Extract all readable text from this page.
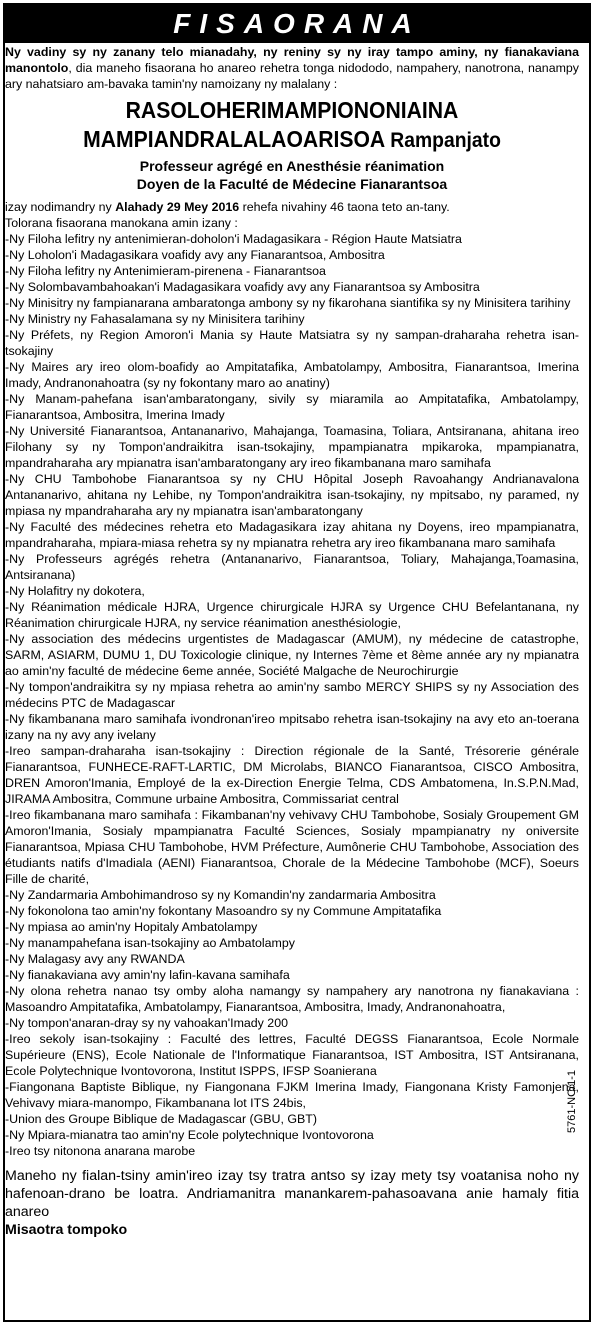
FISAORANA

Ny vadiny sy ny zanany telo mianadahy, ny reniny sy ny iray tampo aminy, ny fianakaviana manontolo, dia maneho fisaorana ho anareo rehetra tonga nidododo, nampahery, nanotrona, nanampy ary nahatsiaro am-bavaka tamin'ny namoizany ny malalany :

RASOLOHERIMAMPIONONIAINA
MAMPIANDRALALAOARISOA Rampanjato
Professeur agrégé en Anesthésie réanimation
Doyen de la Faculté de Médecine Fianarantsoa

izay nodimandry ny Alahady 29 Mey 2016 rehefa nivahiny 46 taona teto an-tany.

Tolorana fisaorana manokana amin izany :

-Ny Filoha lefitry ny antenimieran-doholon'i Madagasikara - Région Haute Matsiatra

-Ny Loholon'i Madagasikara voafidy avy any Fianarantsoa, Ambositra

-Ny Filoha lefitry ny Antenimieram-pirenena - Fianarantsoa

-Ny Solombavambahoakan'i Madagasikara voafidy avy any Fianarantsoa sy Ambositra

-Ny Minisitry ny fampianarana ambaratonga ambony sy ny fikarohana siantifika sy ny Minisitera tarihiny

-Ny Ministry ny Fahasalamana sy ny Minisitera tarihiny

-Ny Préfets, ny Region Amoron'i Mania sy Haute Matsiatra sy ny sampan-draharaha rehetra isan-tsokajiny

-Ny Maires ary ireo olom-boafidy ao Ampitatafika, Ambatolampy, Ambositra, Fianarantsoa, Imerina Imady, Andranonahoatra (sy ny fokontany maro ao anatiny)

-Ny Manam-pahefana isan'ambaratongany, sivily sy miaramila ao Ampitatafika, Ambatolampy, Fianarantsoa, Ambositra, Imerina Imady

-Ny Université Fianarantsoa, Antananarivo, Mahajanga, Toamasina, Toliara, Antsiranana, ahitana ireo Filohany sy ny Tompon'andraikitra isan-tsokajiny, mpampianatra mpikaroka, mpampianatra, mpandraharaha ary mpianatra isan'ambaratongany ary ireo fikambanana maro samihafa

-Ny CHU Tambohobe Fianarantsoa sy ny CHU Hôpital Joseph Ravoahangy Andrianavalona Antananarivo, ahitana ny Lehibe, ny Tompon'andraikitra isan-tsokajiny, ny mpitsabo, ny paramed, ny mpiasa ny mpandraharaha ary ny mpianatra isan'ambaratongany

-Ny Faculté des médecines rehetra eto Madagasikara izay ahitana ny Doyens, ireo mpampianatra, mpandraharaha, mpiara-miasa rehetra sy ny mpianatra rehetra ary ireo fikambanana maro samihafa

-Ny Professeurs agrégés rehetra (Antananarivo, Fianarantsoa, Toliary, Mahajanga,Toamasina, Antsiranana)

-Ny Holafitry ny dokotera,

-Ny Réanimation médicale HJRA, Urgence chirurgicale HJRA sy Urgence CHU Befelantanana, ny Réanimation chirurgicale HJRA, ny service réanimation anesthésiologie,

-Ny association des médecins urgentistes de Madagascar (AMUM), ny médecine de catastrophe, SARM, ASIARM, DUMU 1, DU Toxicologie clinique, ny Internes 7ème et 8ème année ary ny mpianatra ao amin'ny faculté de médecine 6eme année, Société Malgache de Neurochirurgie

-Ny tompon'andraikitra sy ny mpiasa rehetra ao amin'ny sambo MERCY SHIPS sy ny Association des médecins PTC de Madagascar

-Ny fikambanana maro samihafa ivondronan'ireo mpitsabo rehetra isan-tsokajiny na avy eto an-toerana izany na ny avy any ivelany

-Ireo sampan-draharaha isan-tsokajiny : Direction régionale de la Santé, Trésorerie générale Fianarantsoa, FUNHECE-RAFT-LARTIC, DM Microlabs, BIANCO Fianarantsoa, CISCO Ambositra, DREN Amoron'Imania, Employé de la ex-Direction Energie Telma, CDS Ambatomena, In.S.P.N.Mad, JIRAMA Ambositra, Commune urbaine Ambositra, Commissariat central

-Ireo fikambanana maro samihafa : Fikambanan'ny vehivavy CHU Tambohobe, Sosialy Groupement GM Amoron'Imania, Sosialy mpampianatra Faculté Sciences, Sosialy mpampianatry ny oniversite Fianarantsoa, Mpiasa CHU Tambohobe, HVM Préfecture, Aumônerie CHU Tambohobe, Association des étudiants natifs d'Imadiala (AENI) Fianarantsoa, Chorale de la Médecine Tambohobe (MCF), Soeurs Fille de charité,

-Ny Zandarmaria Ambohimandroso sy ny Komandin'ny zandarmaria Ambositra

-Ny fokonolona tao amin'ny fokontany Masoandro sy ny Commune Ampitatafika

-Ny mpiasa ao amin'ny Hopitaly Ambatolampy

-Ny manampahefana isan-tsokajiny ao Ambatolampy

-Ny Malagasy avy any RWANDA

-Ny fianakaviana avy amin'ny lafin-kavana samihafa

-Ny olona rehetra nanao tsy omby aloha namangy sy nampahery ary nanotrona ny fianakaviana : Masoandro Ampitatafika, Ambatolampy, Fianarantsoa, Ambositra, Imady, Andranonahoatra,

-Ny tompon'anaran-dray sy ny vahoakan'Imady 200

-Ireo sekoly isan-tsokajiny : Faculté des lettres, Faculté DEGSS Fianarantsoa, Ecole Normale Supérieure (ENS), Ecole Nationale de l'Informatique Fianarantsoa, IST Ambositra, IST Antsiranana, Ecole Polytechnique Ivontovorona, Institut ISPPS, IFSP Soanierana

-Fiangonana Baptiste Biblique, ny Fiangonana FJKM Imerina Imady, Fiangonana Kristy Famonjena, Vehivavy miara-manompo, Fikambanana lot ITS 24bis,

-Union des Groupe Biblique de Madagascar (GBU, GBT)

-Ny Mpiara-mianatra tao amin'ny Ecole polytechnique Ivontovorona

-Ireo tsy nitonona anarana marobe

Maneho ny fialan-tsiny amin'ireo izay tsy tratra antso sy izay mety tsy voatanisa noho ny hafenoan-drano be loatra. Andriamanitra manankarem-pahasoavana anie hamaly fitia anareo
Misaotra tompoko
5761-NC/1-1
